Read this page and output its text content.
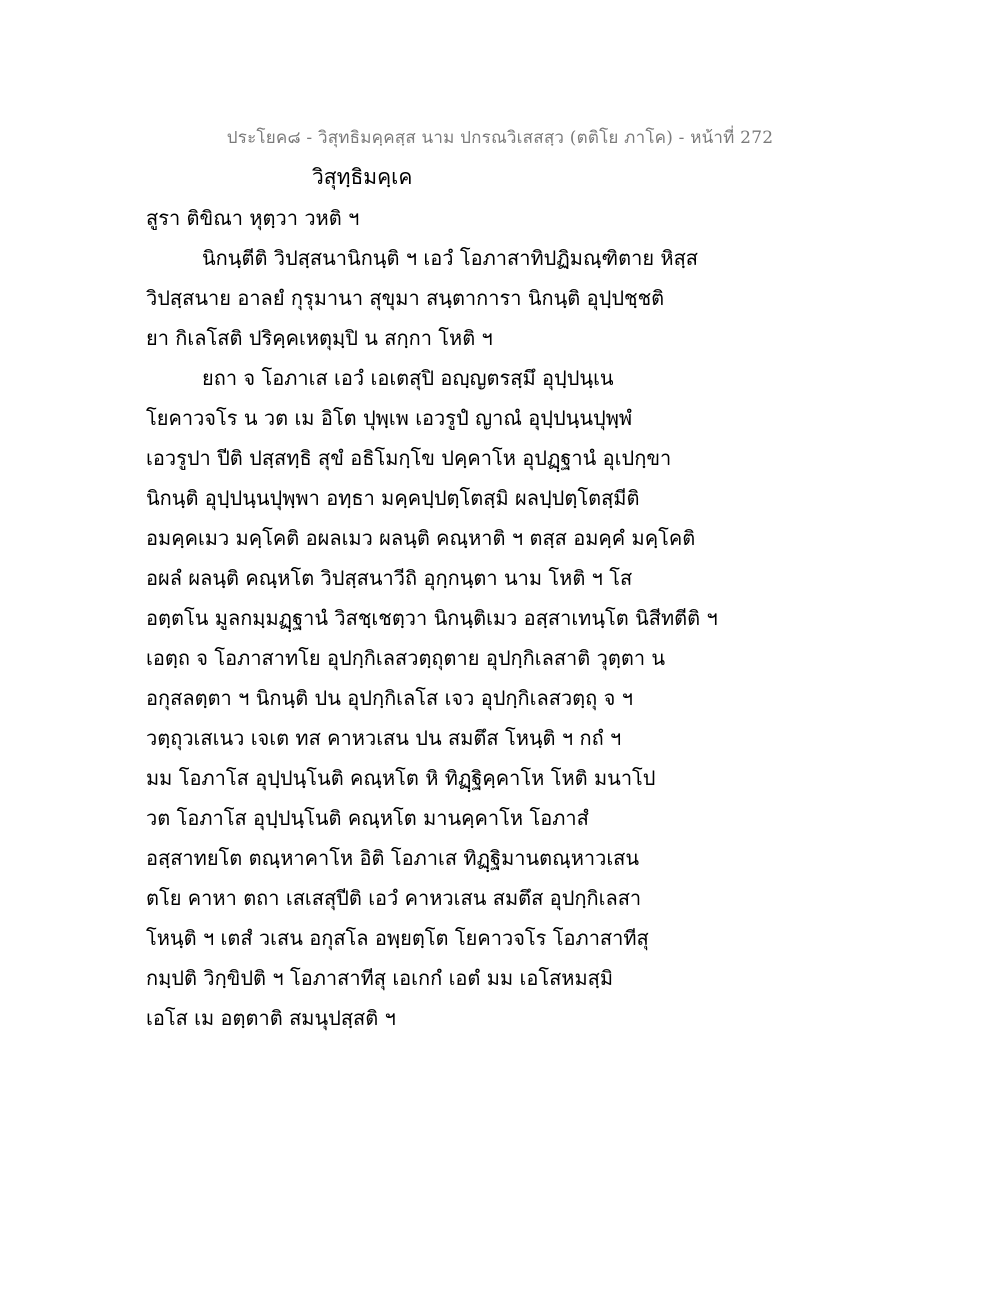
ประโยค๘ - วิสุทธิมคฺคสฺส นาม ปกรณวิเสสสฺว (ตติโย ภาโค) - หน้าที่ 272
วิสุทฺธิมคฺเค
สูรา ติขิณา หุตฺวา วหติ ฯ
นิกนฺตีติ วิปสฺสนานิกนฺติ ฯ เอวํ โอภาสาทิปฏิมณฺฑิตาย หิสฺส
วิปสฺสนาย อาลยํ กุรุมานา สุขุมา สนฺตาการา นิกนฺติ อุปฺปชฺชติ
ยา กิเลโสติ ปริคฺคเหตุมฺปิ น สกฺกา โหติ ฯ
ยถา จ โอภาเส เอวํ เอเตสุปิ อญฺญตรสฺมึ อุปฺปนฺเน
โยคาวจโร น วต เม อิโต ปุพฺเพ เอวรูปํ ญาณํ อุปฺปนฺนปุพฺพํ
เอวรูปา ปีติ ปสฺสทฺธิ สุขํ อธิโมกฺโข ปคฺคาโห อุปฏฺฐานํ อุเปกฺขา
นิกนฺติ อุปฺปนฺนปุพฺพา อทฺธา มคฺคปฺปตฺโตสฺมิ ผลปฺปตฺโตสฺมีติ
อมคฺคเมว มคฺโคติ อผลเมว ผลนฺติ คณฺหาติ ฯ ตสฺส อมคฺคํ มคฺโคติ
อผลํ ผลนฺติ คณฺหโต วิปสฺสนาวีถิ อุกฺกนฺตา นาม โหติ ฯ โส
อตฺตโน มูลกมฺมฏฺฐานํ วิสชฺเชตฺวา นิกนฺติเมว อสฺสาเทนฺโต นิสีทตีติ ฯ
เอตฺถ จ โอภาสาทโย อุปกฺกิเลสวตฺถุตาย อุปกฺกิเลสาติ วุตฺตา น
อกุสลตฺตา ฯ นิกนฺติ ปน อุปกฺกิเลโส เจว อุปกฺกิเลสวตฺถุ จ ฯ
วตฺถุวเสเนว เจเต ทส คาหวเสน ปน สมตึส โหนฺติ ฯ กถํ ฯ
มม โอภาโส อุปฺปนฺโนติ คณฺหโต หิ ทิฏฺฐิคฺคาโห โหติ มนาโป
วต โอภาโส อุปฺปนฺโนติ คณฺหโต มานคฺคาโห โอภาสํ
อสฺสาทยโต ตณฺหาคาโห อิติ โอภาเส ทิฏฺฐิมานตณฺหาวเสน
ตโย คาหา ตถา เสเสสุปีติ เอวํ คาหวเสน สมตึส อุปกฺกิเลสา
โหนฺติ ฯ เตสํ วเสน อกุสโล อพฺยตฺโต โยคาวจโร โอภาสาทีสุ
กมฺปติ วิกฺขิปติ ฯ โอภาสาทีสุ เอเกกํ เอตํ มม เอโสหมสฺมิ
เอโส เม อตฺตาติ สมนุปสฺสติ ฯ
